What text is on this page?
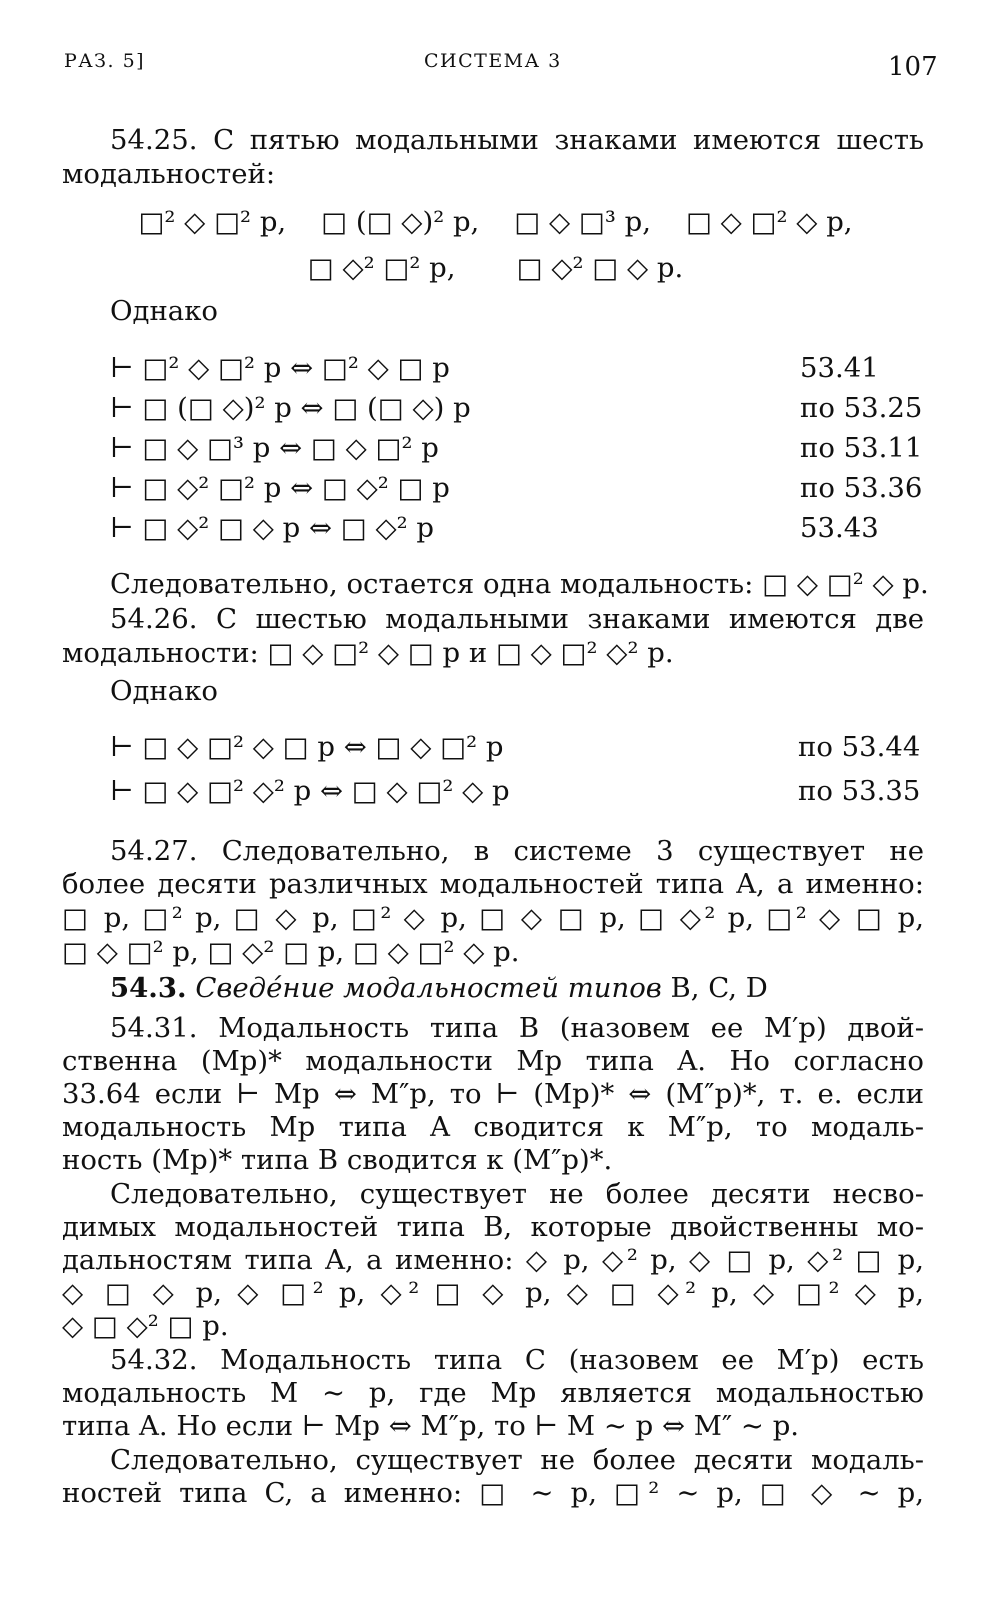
РАЗ. 5]	СИСТЕМА 3	107
54.25. С пятью модальными знаками имеются шесть
модальностей:
□² ◇ □² p,    □ (□ ◇)² p,    □ ◇ □³ p,    □ ◇ □² ◇ p,
□ ◇² □² p,       □ ◇² □ ◇ p.
Однако
⊢ □² ◇ □² p ⇔ □² ◇ □ p	53.41
⊢ □ (□ ◇)² p ⇔ □ (□ ◇) p	по 53.25
⊢ □ ◇ □³ p ⇔ □ ◇ □² p	по 53.11
⊢ □ ◇² □² p ⇔ □ ◇² □ p	по 53.36
⊢ □ ◇² □ ◇ p ⇔ □ ◇² p	53.43
Следовательно, остается одна модальность: □ ◇ □² ◇ p.
54.26. С шестью модальными знаками имеются две
модальности: □ ◇ □² ◇ □ p и □ ◇ □² ◇² p.
Однако
⊢ □ ◇ □² ◇ □ p ⇔ □ ◇ □² p	по 53.44
⊢ □ ◇ □² ◇² p ⇔ □ ◇ □² ◇ p	по 53.35
54.27. Следовательно, в системе 3 существует не
более десяти различных модальностей типа A, а именно:
□ p, □² p, □ ◇ p, □² ◇ p, □ ◇ □ p, □ ◇² p, □² ◇ □ p,
□ ◇ □² p, □ ◇² □ p, □ ◇ □² ◇ p.
54.3. Сведéние модальностей типов B, C, D
54.31. Модальность типа B (назовем ее M′p) двой-
ственна (Mp)* модальности Mp типа A. Но согласно
33.64 если ⊢ Mp ⇔ M″p, то ⊢ (Mp)* ⇔ (M″p)*, т. е. если
модальность Mp типа A сводится к M″p, то модаль-
ность (Mp)* типа B сводится к (M″p)*.
Следовательно, существует не более десяти несво-
димых модальностей типа B, которые двойственны мо-
дальностям типа A, а именно: ◇ p, ◇² p, ◇ □ p, ◇² □ p,
◇ □ ◇ p, ◇ □² p, ◇² □ ◇ p, ◇ □ ◇² p, ◇ □² ◇ p,
◇ □ ◇² □ p.
54.32. Модальность типа C (назовем ее M′p) есть
модальность M ∼ p, где Mp является модальностью
типа A. Но если ⊢ Mp ⇔ M″p, то ⊢ M ∼ p ⇔ M″ ∼ p.
Следовательно, существует не более десяти модаль-
ностей типа C, а именно: □ ∼ p, □² ∼ p, □ ◇ ∼ p,
